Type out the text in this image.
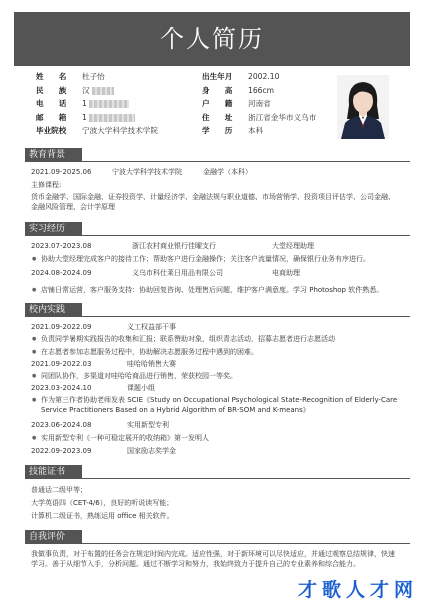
个人简历
姓　　名 杜子怡
民　　族 汉
电　　话 1
邮　　箱 1
毕业院校 宁波大学科学技术学院
出生年月 2002.10
身　　高 166cm
户　　籍 河南省
住　　址 浙江省金华市义乌市
学　　历 本科
教育背景
2021.09-2025.06	宁波大学科学技术学院	金融学（本科）
主修课程:
货币金融学、国际金融、证券投资学、计量经济学、金融法规与职业道德、市场营销学、投资项目评估学、公司金融、金融风险管理、会计学原理
实习经历
2023.07-2023.08	浙江农村商业银行佳曜支行	大堂经理助理
● 协助大堂经理完成客户的接待工作；帮助客户进行金融操作；关注客户流量情况，确保银行业务有序进行。
2024.08-2024.09	义乌市科仕莱日用品有限公司	电商助理
● 店铺日常运营，客户服务支持：协助回复咨询、处理售后问题，维护客户满意度。学习 Photoshop 软件熟悉。
校内实践
2021.09-2022.09	义工权益部干事
● 负责同学暑期实践报告的收集和汇报；联系赞助对象，组织青志活动，招募志愿者进行志愿活动
● 在志愿者参加志愿服务过程中，协助解决志愿服务过程中遇到的困难。
2021.09-2022.03	哇哈哈销售大赛
● 同团队协作，多渠道对哇哈哈商品进行销售，荣获校园一等奖。
2023.03-2024.10	课题小组
● 作为第三作者协助老师发表 SCIE《Study on Occupational Psychological State-Recognition of Elderly-Care Service Practitioners Based on a Hybrid Algorithm of BR-SOM and K-means》
2023.06-2024.08	实用新型专利
● 实用新型专利《一种可稳定展开的收纳箱》第一发明人
2022.09-2023.09	国家励志奖学金
技能证书
普通话二级甲等；
大学英语四（CET-4/6），良好的听说读写能；
计算机二级证书，熟练运用 office 相关软件。
自我评价
我做事负责，对于布置的任务会在规定时间内完成。适应性强，对于新环境可以尽快适应，并通过观察总结规律，快速学习。善于从细节入手，分析问题。通过不断学习和努力，我始终致力于提升自己的专业素养和综合能力。
才歌人才网
